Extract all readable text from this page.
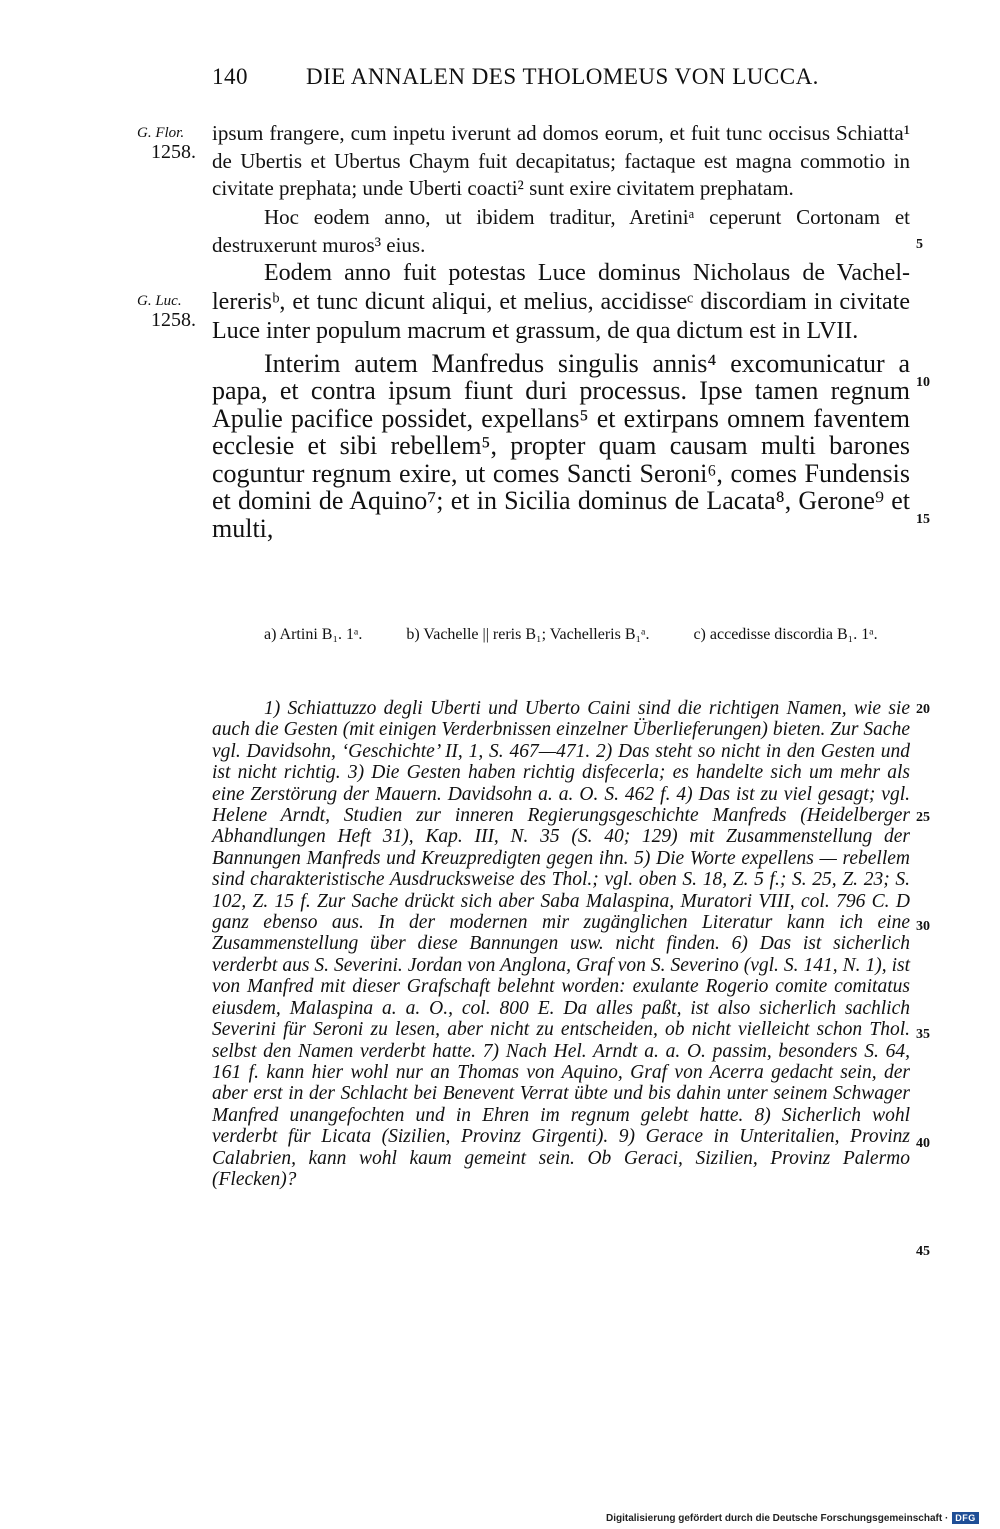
140	DIE ANNALEN DES THOLOMEUS VON LUCCA.
G. Flor.
1258.
G. Luc.
1258.
5
10
15
20
25
30
35
40
45

ipsum frangere, cum inpetu iverunt ad domos eorum, et fuit tunc occisus Schiatta¹ de Ubertis et Ubertus Chaym fuit decapitatus; factaque est magna commotio in civitate prephata; unde Uberti coacti² sunt exire civitatem prephatam.

Hoc eodem anno, ut ibidem traditur, Aretiniᵃ ceperunt Cortonam et destruxerunt muros³ eius.

Eodem anno fuit potestas Luce dominus Nicholaus de Vachel-lererisᵇ, et tunc dicunt aliqui, et melius, accidisseᶜ discordiam in civitate Luce inter populum macrum et grassum, de qua dictum est in LVII.

Interim autem Manfredus singulis annis⁴ excomunicatur a papa, et contra ipsum fiunt duri processus. Ipse tamen regnum Apulie pacifice possidet, expellans⁵ et extirpans omnem faventem ecclesie et sibi rebellem⁵, propter quam causam multi barones coguntur regnum exire, ut comes Sancti Seroni⁶, comes Fundensis et domini de Aquino⁷; et in Sicilia dominus de Lacata⁸, Gerone⁹ et multi,

a) Artini B₁. 1ᵃ.	b) Vachelle || reris B₁; Vachelleris B₁ᵃ.	c) accedisse discordia B₁. 1ᵃ.
1) Schiattuzzo degli Uberti und Uberto Caini sind die richtigen Namen, wie sie auch die Gesten (mit einigen Verderbnissen einzelner Überlieferungen) bieten. Zur Sache vgl. Davidsohn, ‘Geschichte’ II, 1, S. 467—471. 2) Das steht so nicht in den Gesten und ist nicht richtig. 3) Die Gesten haben richtig disfecerla; es handelte sich um mehr als eine Zerstörung der Mauern. Davidsohn a. a. O. S. 462 f. 4) Das ist zu viel gesagt; vgl. Helene Arndt, Studien zur inneren Regierungsgeschichte Manfreds (Heidelberger Abhandlungen Heft 31), Kap. III, N. 35 (S. 40; 129) mit Zusammenstellung der Bannungen Manfreds und Kreuzpredigten gegen ihn. 5) Die Worte expellens — rebellem sind charakteristische Ausdrucksweise des Thol.; vgl. oben S. 18, Z. 5 f.; S. 25, Z. 23; S. 102, Z. 15 f. Zur Sache drückt sich aber Saba Malaspina, Muratori VIII, col. 796 C. D ganz ebenso aus. In der modernen mir zugänglichen Literatur kann ich eine Zusammenstellung über diese Bannungen usw. nicht finden. 6) Das ist sicherlich verderbt aus S. Severini. Jordan von Anglona, Graf von S. Severino (vgl. S. 141, N. 1), ist von Manfred mit dieser Grafschaft belehnt worden: exulante Rogerio comite comitatus eiusdem, Malaspina a. a. O., col. 800 E. Da alles paßt, ist also sicherlich sachlich Severini für Seroni zu lesen, aber nicht zu entscheiden, ob nicht vielleicht schon Thol. selbst den Namen verderbt hatte. 7) Nach Hel. Arndt a. a. O. passim, besonders S. 64, 161 f. kann hier wohl nur an Thomas von Aquino, Graf von Acerra gedacht sein, der aber erst in der Schlacht bei Benevent Verrat übte und bis dahin unter seinem Schwager Manfred unangefochten und in Ehren im regnum gelebt hatte. 8) Sicherlich wohl verderbt für Licata (Sizilien, Provinz Girgenti). 9) Gerace in Unteritalien, Provinz Calabrien, kann wohl kaum gemeint sein. Ob Geraci, Sizilien, Provinz Palermo (Flecken)?
Digitalisierung gefördert durch die Deutsche Forschungsgemeinschaft · DFG
